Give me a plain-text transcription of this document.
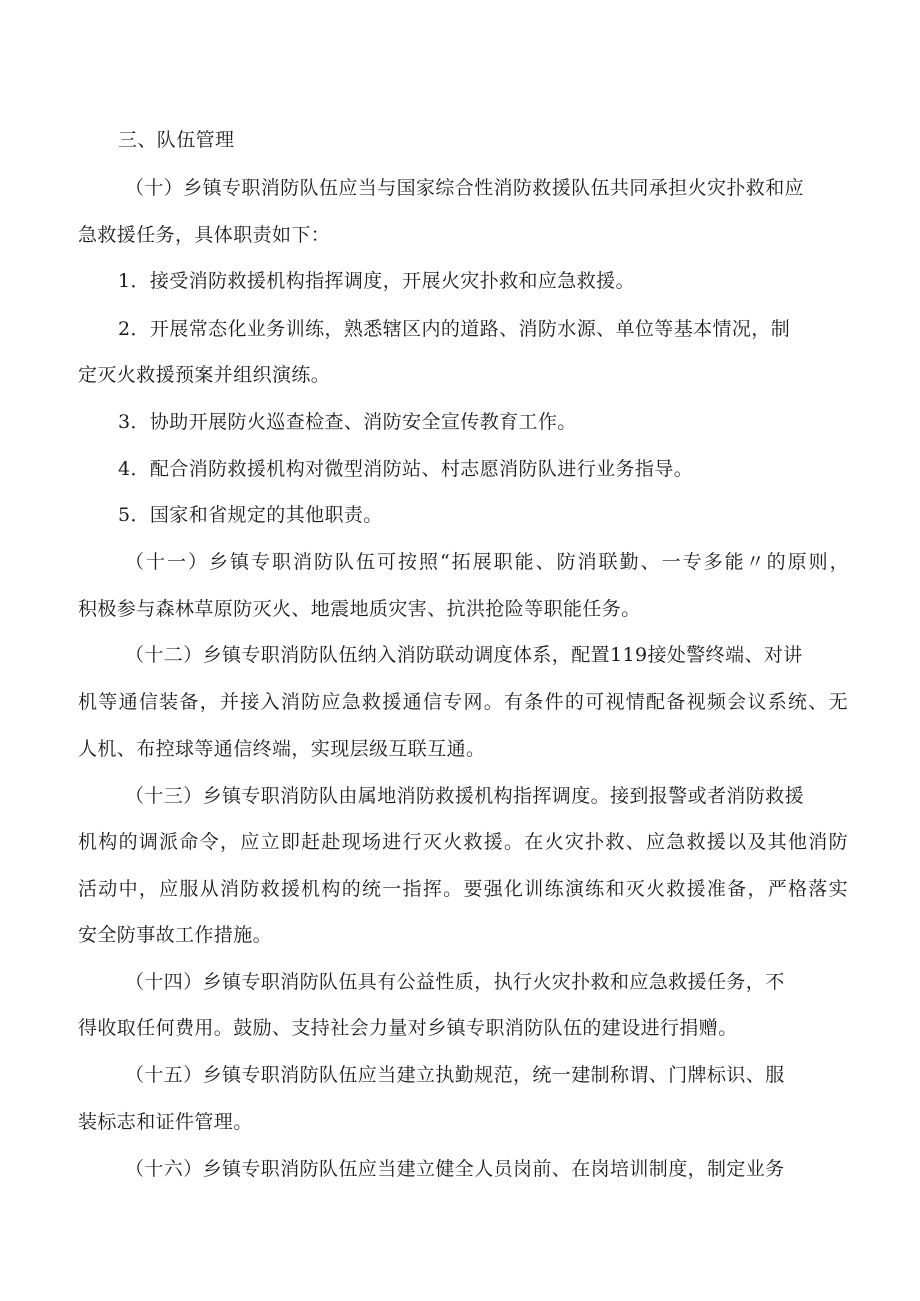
三、队伍管理
（十）乡镇专职消防队伍应当与国家综合性消防救援队伍共同承担火灾扑救和应
急救援任务，具体职责如下：
1．接受消防救援机构指挥调度，开展火灾扑救和应急救援。
2．开展常态化业务训练，熟悉辖区内的道路、消防水源、单位等基本情况，制
定灭火救援预案并组织演练。
3．协助开展防火巡查检查、消防安全宣传教育工作。
4．配合消防救援机构对微型消防站、村志愿消防队进行业务指导。
5．国家和省规定的其他职责。
（十一）乡镇专职消防队伍可按照“拓展职能、防消联勤、一专多能〃的原则，
积极参与森林草原防灭火、地震地质灾害、抗洪抢险等职能任务。
（十二）乡镇专职消防队伍纳入消防联动调度体系，配置119接处警终端、对讲
机等通信装备，并接入消防应急救援通信专网。有条件的可视情配备视频会议系统、无
人机、布控球等通信终端，实现层级互联互通。
（十三）乡镇专职消防队由属地消防救援机构指挥调度。接到报警或者消防救援
机构的调派命令，应立即赶赴现场进行灭火救援。在火灾扑救、应急救援以及其他消防
活动中，应服从消防救援机构的统一指挥。要强化训练演练和灭火救援准备，严格落实
安全防事故工作措施。
（十四）乡镇专职消防队伍具有公益性质，执行火灾扑救和应急救援任务，不
得收取任何费用。鼓励、支持社会力量对乡镇专职消防队伍的建设进行捐赠。
（十五）乡镇专职消防队伍应当建立执勤规范，统一建制称谓、门牌标识、服
装标志和证件管理。
（十六）乡镇专职消防队伍应当建立健全人员岗前、在岗培训制度，制定业务
